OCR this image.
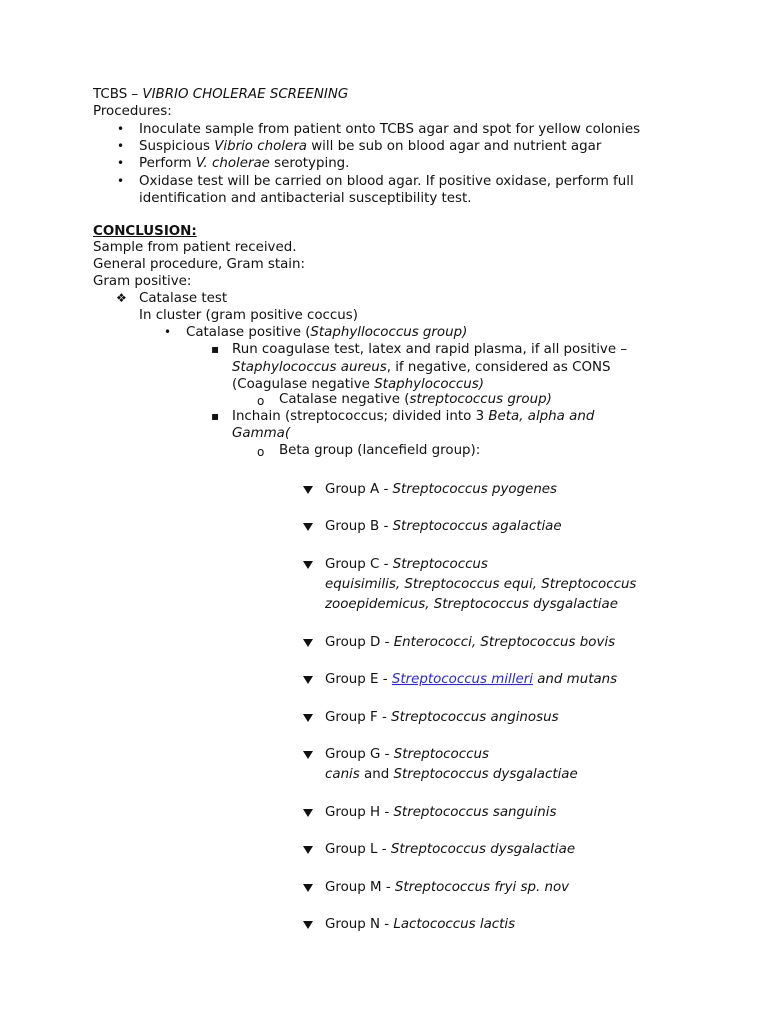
TCBS – VIBRIO CHOLERAE SCREENING
Procedures:
• Inoculate sample from patient onto TCBS agar and spot for yellow colonies
• Suspicious Vibrio cholera will be sub on blood agar and nutrient agar
• Perform V. cholerae serotyping.
• Oxidase test will be carried on blood agar. If positive oxidase, perform full
identification and antibacterial susceptibility test.
CONCLUSION:
Sample from patient received.
General procedure, Gram stain:
Gram positive:
❖ Catalase test
In cluster (gram positive coccus)
• Catalase positive (Staphyllococcus group)
▪ Run coagulase test, latex and rapid plasma, if all positive –
Staphylococcus aureus, if negative, considered as CONS
(Coagulase negative Staphylococcus)
o Catalase negative (streptococcus group)
▪ Inchain (streptococcus; divided into 3 Beta, alpha and
Gamma(
o Beta group (lancefield group):
Group A - Streptococcus pyogenes
Group B - Streptococcus agalactiae
Group C - Streptococcus
equisimilis, Streptococcus equi, Streptococcus
zooepidemicus, Streptococcus dysgalactiae
Group D - Enterococci, Streptococcus bovis
Group E - Streptococcus milleri and mutans
Group F - Streptococcus anginosus
Group G - Streptococcus
canis and Streptococcus dysgalactiae
Group H - Streptococcus sanguinis
Group L - Streptococcus dysgalactiae
Group M - Streptococcus fryi sp. nov
Group N - Lactococcus lactis
